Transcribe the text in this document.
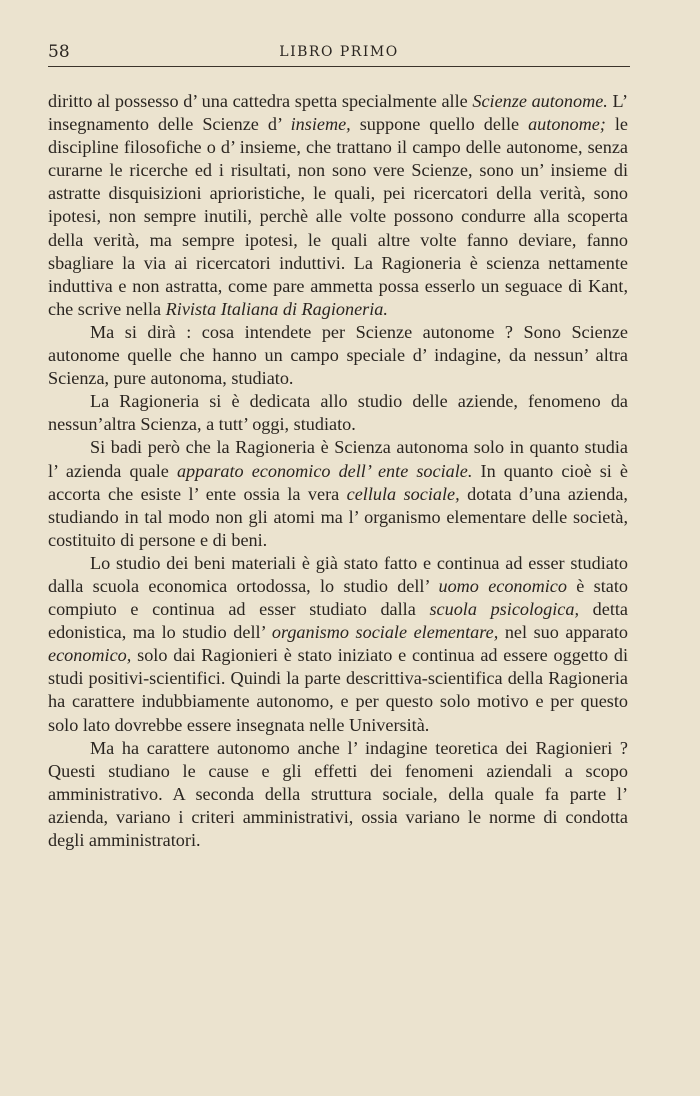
58	LIBRO PRIMO

diritto al possesso d’ una cattedra spetta specialmente alle Scienze autonome. L’ insegnamento delle Scienze d’ insieme, suppone quello delle autonome; le discipline filosofiche o d’ insieme, che trattano il campo delle autonome, senza curarne le ricerche ed i risultati, non sono vere Scienze, sono un’ insieme di astratte disquisizioni aprioristiche, le quali, pei ricercatori della verità, sono ipotesi, non sempre inutili, perchè alle volte possono condurre alla scoperta della verità, ma sempre ipotesi, le quali altre volte fanno deviare, fanno sbagliare la via ai ricercatori induttivi. La Ragioneria è scienza nettamente induttiva e non astratta, come pare ammetta possa esserlo un seguace di Kant, che scrive nella Rivista Italiana di Ragioneria.

Ma si dirà : cosa intendete per Scienze autonome ? Sono Scienze autonome quelle che hanno un campo speciale d’ indagine, da nessun’ altra Scienza, pure autonoma, studiato.

La Ragioneria si è dedicata allo studio delle aziende, fenomeno da nessun’altra Scienza, a tutt’ oggi, studiato.

Si badi però che la Ragioneria è Scienza autonoma solo in quanto studia l’ azienda quale apparato economico dell’ ente sociale. In quanto cioè si è accorta che esiste l’ ente ossia la vera cellula sociale, dotata d’una azienda, studiando in tal modo non gli atomi ma l’ organismo elementare delle società, costituito di persone e di beni.

Lo studio dei beni materiali è già stato fatto e continua ad esser studiato dalla scuola economica ortodossa, lo studio dell’ uomo economico è stato compiuto e continua ad esser studiato dalla scuola psicologica, detta edonistica, ma lo studio dell’ organismo sociale elementare, nel suo apparato economico, solo dai Ragionieri è stato iniziato e continua ad essere oggetto di studi positivi-scientifici. Quindi la parte descrittiva-scientifica della Ragioneria ha carattere indubbiamente autonomo, e per questo solo motivo e per questo solo lato dovrebbe essere insegnata nelle Università.

Ma ha carattere autonomo anche l’ indagine teoretica dei Ragionieri ? Questi studiano le cause e gli effetti dei fenomeni aziendali a scopo amministrativo. A seconda della struttura sociale, della quale fa parte l’ azienda, variano i criteri amministrativi, ossia variano le norme di condotta degli amministratori.
